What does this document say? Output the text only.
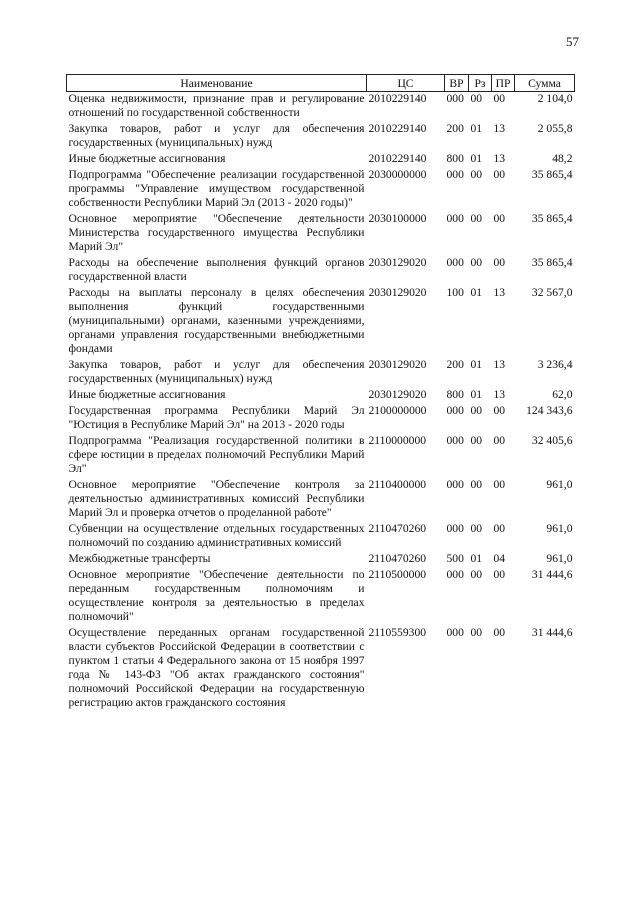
57
Наименование	ЦС	ВР	Рз	ПР	Сумма
Оценка недвижимости, признание прав и регулирование отношений по государственной собственности	2010229140	000	00	00	2 104,0
Закупка товаров, работ и услуг для обеспечения государственных (муниципальных) нужд	2010229140	200	01	13	2 055,8
Иные бюджетные ассигнования	2010229140	800	01	13	48,2
Подпрограмма "Обеспечение реализации государственной программы "Управление имуществом государственной собственности Республики Марий Эл (2013 - 2020 годы)"	2030000000	000	00	00	35 865,4
Основное мероприятие "Обеспечение деятельности Министерства государственного имущества Республики Марий Эл"	2030100000	000	00	00	35 865,4
Расходы на обеспечение выполнения функций органов государственной власти	2030129020	000	00	00	35 865,4
Расходы на выплаты персоналу в целях обеспечения выполнения функций государственными (муниципальными) органами, казенными учреждениями, органами управления государственными внебюджетными фондами	2030129020	100	01	13	32 567,0
Закупка товаров, работ и услуг для обеспечения государственных (муниципальных) нужд	2030129020	200	01	13	3 236,4
Иные бюджетные ассигнования	2030129020	800	01	13	62,0
Государственная программа Республики Марий Эл "Юстиция в Республике Марий Эл" на 2013 - 2020 годы	2100000000	000	00	00	124 343,6
Подпрограмма "Реализация государственной политики в сфере юстиции в пределах полномочий Республики Марий Эл"	2110000000	000	00	00	32 405,6
Основное мероприятие "Обеспечение контроля за деятельностью административных комиссий Республики Марий Эл и проверка отчетов о проделанной работе"	2110400000	000	00	00	961,0
Субвенции на осуществление отдельных государственных полномочий по созданию административных комиссий	2110470260	000	00	00	961,0
Межбюджетные трансферты	2110470260	500	01	04	961,0
Основное мероприятие "Обеспечение деятельности по переданным государственным полномочиям и осуществление контроля за деятельностью в пределах полномочий"	2110500000	000	00	00	31 444,6
Осуществление переданных органам государственной власти субъектов Российской Федерации в соответствии с пунктом 1 статьи 4 Федерального закона от 15 ноября 1997 года № 143-ФЗ "Об актах гражданского состояния" полномочий Российской Федерации на государственную регистрацию актов гражданского состояния	2110559300	000	00	00	31 444,6
